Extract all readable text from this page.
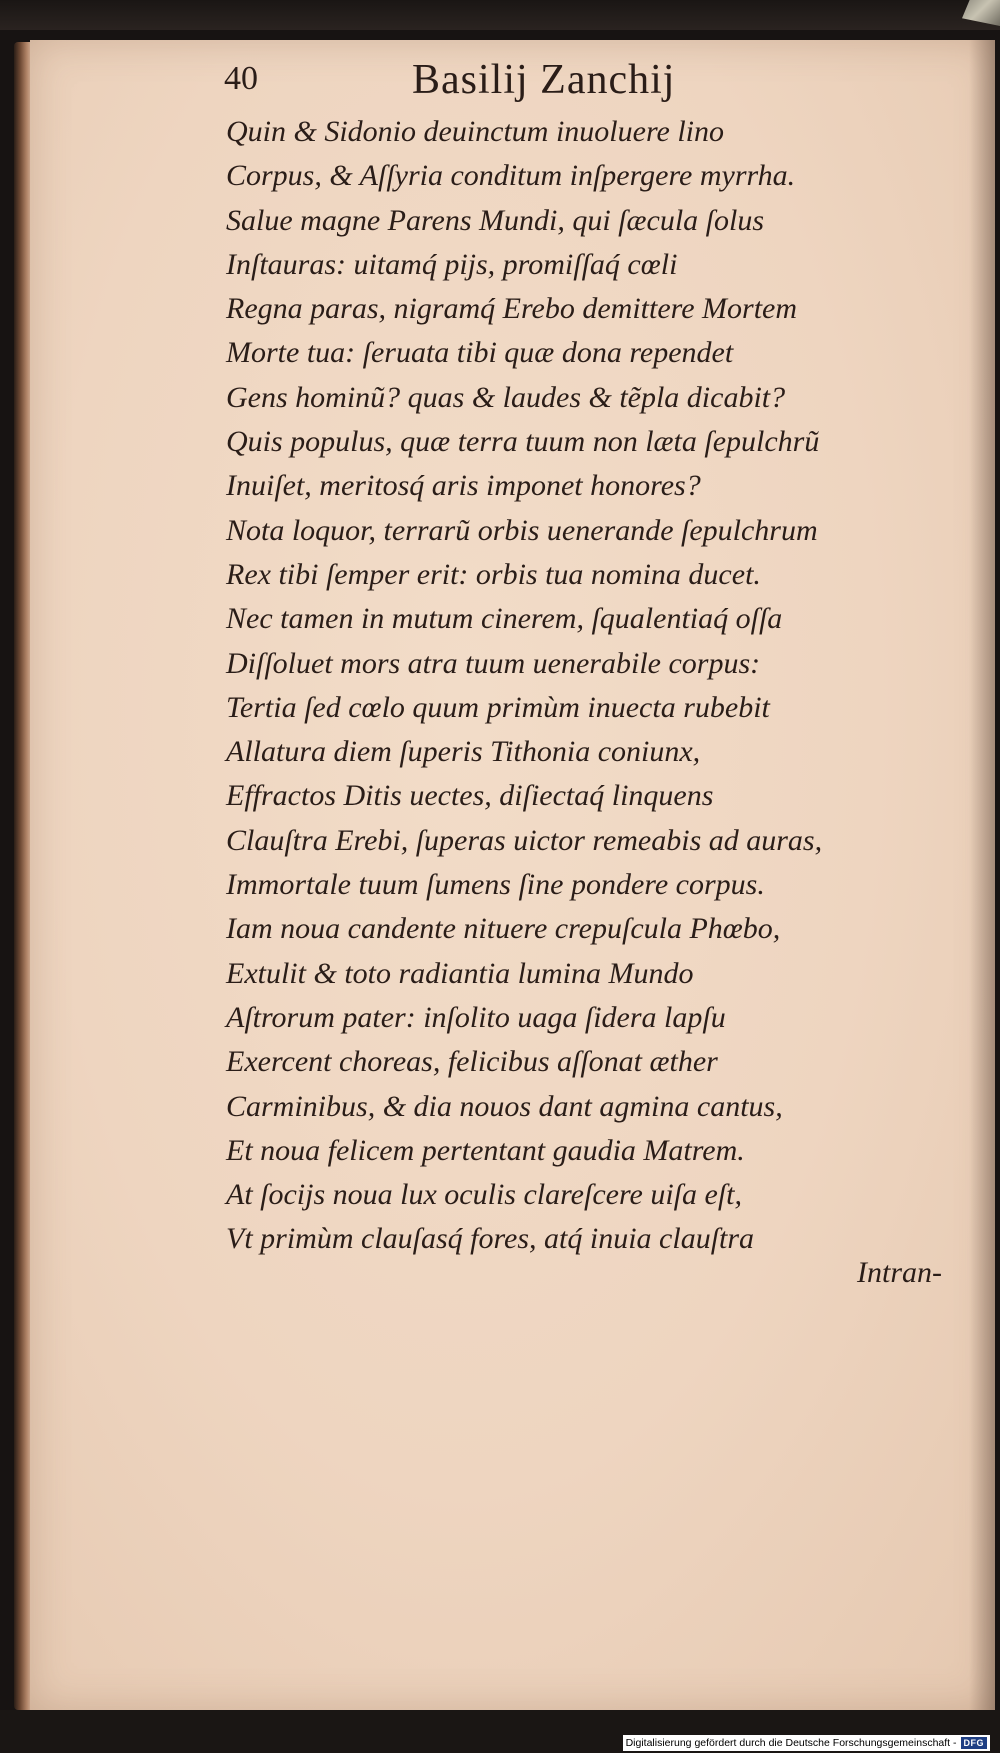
40	Basilij Zanchij
Quin & Sidonio deuinctum inuoluere lino
Corpus, & Aſſyria conditum inſpergere myrrha.
Salue magne Parens Mundi, qui ſæcula ſolus
Inſtauras: uitamq́ pijs, promiſſaq́ cœli
Regna paras, nigramq́ Erebo demittere Mortem
Morte tua: ſeruata tibi quæ dona rependet
Gens hominũ? quas & laudes & tẽpla dicabit?
Quis populus, quæ terra tuum non læta ſepulchrũ
Inuiſet, meritosq́ aris imponet honores?
Nota loquor, terrarũ orbis uenerande ſepulchrum
Rex tibi ſemper erit: orbis tua nomina ducet.
Nec tamen in mutum cinerem, ſqualentiaq́ oſſa
Diſſoluet mors atra tuum uenerabile corpus:
Tertia ſed cœlo quum primùm inuecta rubebit
Allatura diem ſuperis Tithonia coniunx,
Effractos Ditis uectes, diſiectaq́ linquens
Clauſtra Erebi, ſuperas uictor remeabis ad auras,
Immortale tuum ſumens ſine pondere corpus.
Iam noua candente nituere crepuſcula Phœbo,
Extulit & toto radiantia lumina Mundo
Aſtrorum pater: inſolito uaga ſidera lapſu
Exercent choreas, felicibus aſſonat æther
Carminibus, & dia nouos dant agmina cantus,
Et noua felicem pertentant gaudia Matrem.
At ſocijs noua lux oculis clareſcere uiſa eſt,
Vt primùm clauſasq́ fores, atq́ inuia clauſtra
Intran-
Digitalisierung gefördert durch die Deutsche Forschungsgemeinschaft - DFG
